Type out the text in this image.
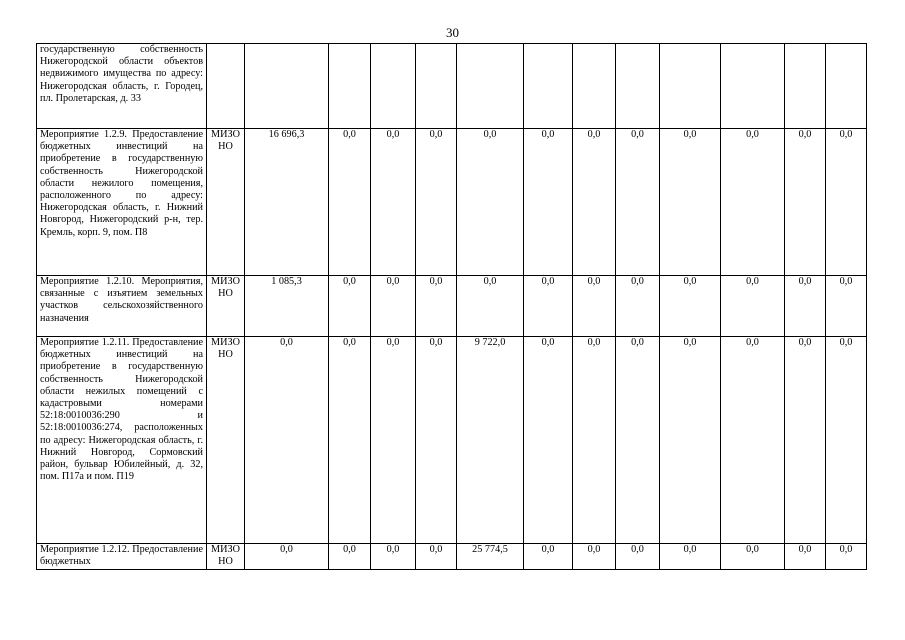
30
государственную собственность Нижегородской области объектов недвижимого имущества по адресу: Нижегородская область, г. Городец, пл. Пролетарская, д. 33														
Мероприятие 1.2.9. Предоставление бюджетных инвестиций на приобретение в государственную собственность Нижегородской области нежилого помещения, расположенного по адресу: Нижегородская область, г. Нижний Новгород, Нижегородский р-н, тер. Кремль, корп. 9, пом. П8	МИЗО НО	16 696,3	0,0	0,0	0,0	0,0	0,0	0,0	0,0	0,0	0,0	0,0	0,0	
Мероприятие 1.2.10. Мероприятия, связанные с изъятием земельных участков сельскохозяйственного назначения	МИЗО НО	1 085,3	0,0	0,0	0,0	0,0	0,0	0,0	0,0	0,0	0,0	0,0	0,0	
Мероприятие 1.2.11. Предоставление бюджетных инвестиций на приобретение в государственную собственность Нижегородской области нежилых помещений с кадастровыми номерами 52:18:0010036:290 и 52:18:0010036:274, расположенных по адресу: Нижегородская область, г. Нижний Новгород, Сормовский район, бульвар Юбилейный, д. 32, пом. П17а и пом. П19	МИЗО НО	0,0	0,0	0,0	0,0	9 722,0	0,0	0,0	0,0	0,0	0,0	0,0	0,0	
Мероприятие 1.2.12. Предоставление бюджетных	МИЗО НО	0,0	0,0	0,0	0,0	25 774,5	0,0	0,0	0,0	0,0	0,0	0,0	0,0	
